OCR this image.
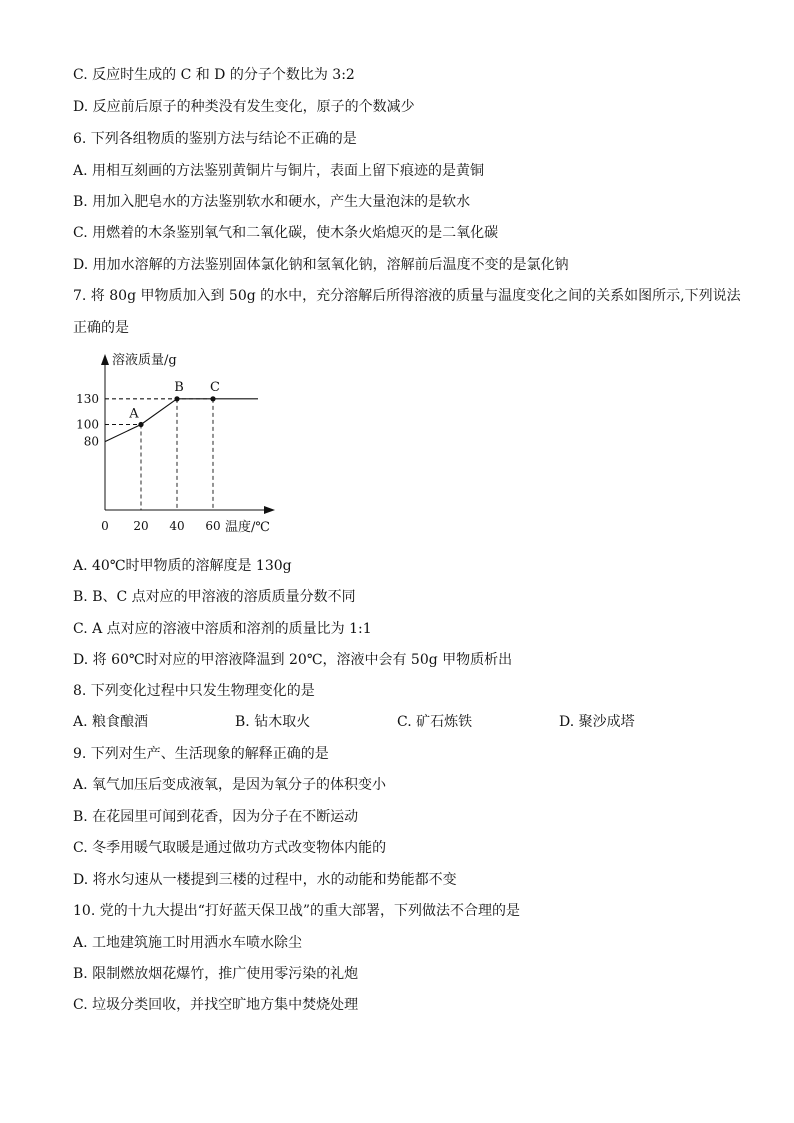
C. 反应时生成的 C 和 D 的分子个数比为 3:2
D. 反应前后原子的种类没有发生变化，原子的个数减少
6. 下列各组物质的鉴别方法与结论不正确的是
A. 用相互刻画的方法鉴别黄铜片与铜片，表面上留下痕迹的是黄铜
B. 用加入肥皂水的方法鉴别软水和硬水，产生大量泡沫的是软水
C. 用燃着的木条鉴别氧气和二氧化碳，使木条火焰熄灭的是二氧化碳
D. 用加水溶解的方法鉴别固体氯化钠和氢氧化钠，溶解前后温度不变的是氯化钠
7. 将 80g 甲物质加入到 50g 的水中，充分溶解后所得溶液的质量与温度变化之间的关系如图所示,下列说法
正确的是
溶液质量/g
温度/℃
0 20 40 60
80
100
130
A
B C
A. 40℃时甲物质的溶解度是 130g
B. B、C 点对应的甲溶液的溶质质量分数不同
C. A 点对应的溶液中溶质和溶剂的质量比为 1:1
D. 将 60℃时对应的甲溶液降温到 20℃，溶液中会有 50g 甲物质析出
8. 下列变化过程中只发生物理变化的是
A. 粮食酿酒	B. 钻木取火	C. 矿石炼铁	D. 聚沙成塔
9. 下列对生产、生活现象的解释正确的是
A. 氧气加压后变成液氧，是因为氧分子的体积变小
B. 在花园里可闻到花香，因为分子在不断运动
C. 冬季用暖气取暖是通过做功方式改变物体内能的
D. 将水匀速从一楼提到三楼的过程中，水的动能和势能都不变
10. 党的十九大提出“打好蓝天保卫战”的重大部署，下列做法不合理的是
A. 工地建筑施工时用洒水车喷水除尘
B. 限制燃放烟花爆竹，推广使用零污染的礼炮
C. 垃圾分类回收，并找空旷地方集中焚烧处理
